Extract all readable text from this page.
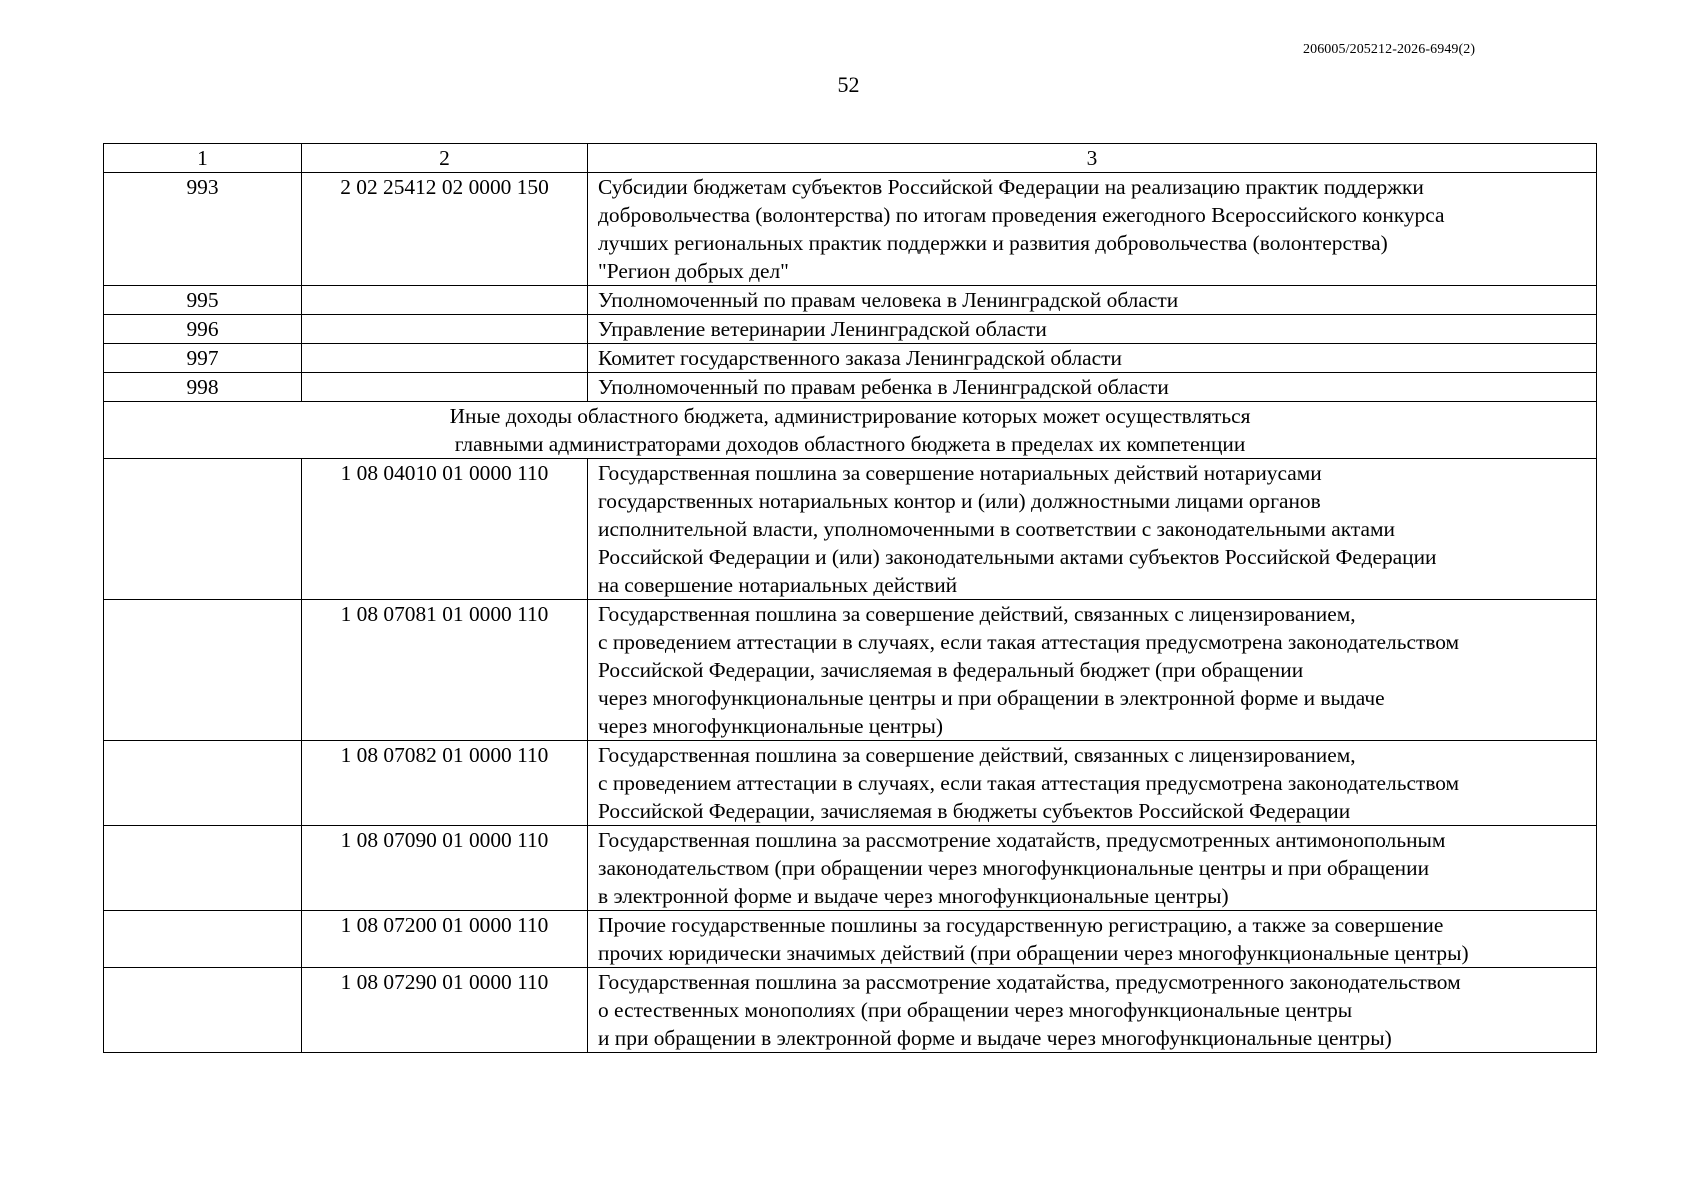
206005/205212-2026-6949(2)
52
1	2	3
993	2 02 25412 02 0000 150	Субсидии бюджетам субъектов Российской Федерации на реализацию практик поддержки
добровольчества (волонтерства) по итогам проведения ежегодного Всероссийского конкурса
лучших региональных практик поддержки и развития добровольчества (волонтерства)
"Регион добрых дел"

995		Уполномоченный по правам человека в Ленинградской области

996		Управление ветеринарии Ленинградской области

997		Комитет государственного заказа Ленинградской области

998		Уполномоченный по правам ребенка в Ленинградской области

Иные доходы областного бюджета, администрирование которых может осуществляться
главными администраторами доходов областного бюджета в пределах их компетенции		

	1 08 04010 01 0000 110	Государственная пошлина за совершение нотариальных действий нотариусами
государственных нотариальных контор и (или) должностными лицами органов
исполнительной власти, уполномоченными в соответствии с законодательными актами
Российской Федерации и (или) законодательными актами субъектов Российской Федерации
на совершение нотариальных действий

	1 08 07081 01 0000 110	Государственная пошлина за совершение действий, связанных с лицензированием,
с проведением аттестации в случаях, если такая аттестация предусмотрена законодательством
Российской Федерации, зачисляемая в федеральный бюджет (при обращении
через многофункциональные центры и при обращении в электронной форме и выдаче
через многофункциональные центры)

	1 08 07082 01 0000 110	Государственная пошлина за совершение действий, связанных с лицензированием,
с проведением аттестации в случаях, если такая аттестация предусмотрена законодательством
Российской Федерации, зачисляемая в бюджеты субъектов Российской Федерации

	1 08 07090 01 0000 110	Государственная пошлина за рассмотрение ходатайств, предусмотренных антимонопольным
законодательством (при обращении через многофункциональные центры и при обращении
в электронной форме и выдаче через многофункциональные центры)

	1 08 07200 01 0000 110	Прочие государственные пошлины за государственную регистрацию, а также за совершение
прочих юридически значимых действий (при обращении через многофункциональные центры)

	1 08 07290 01 0000 110	Государственная пошлина за рассмотрение ходатайства, предусмотренного законодательством
о естественных монополиях (при обращении через многофункциональные центры
и при обращении в электронной форме и выдаче через многофункциональные центры)
